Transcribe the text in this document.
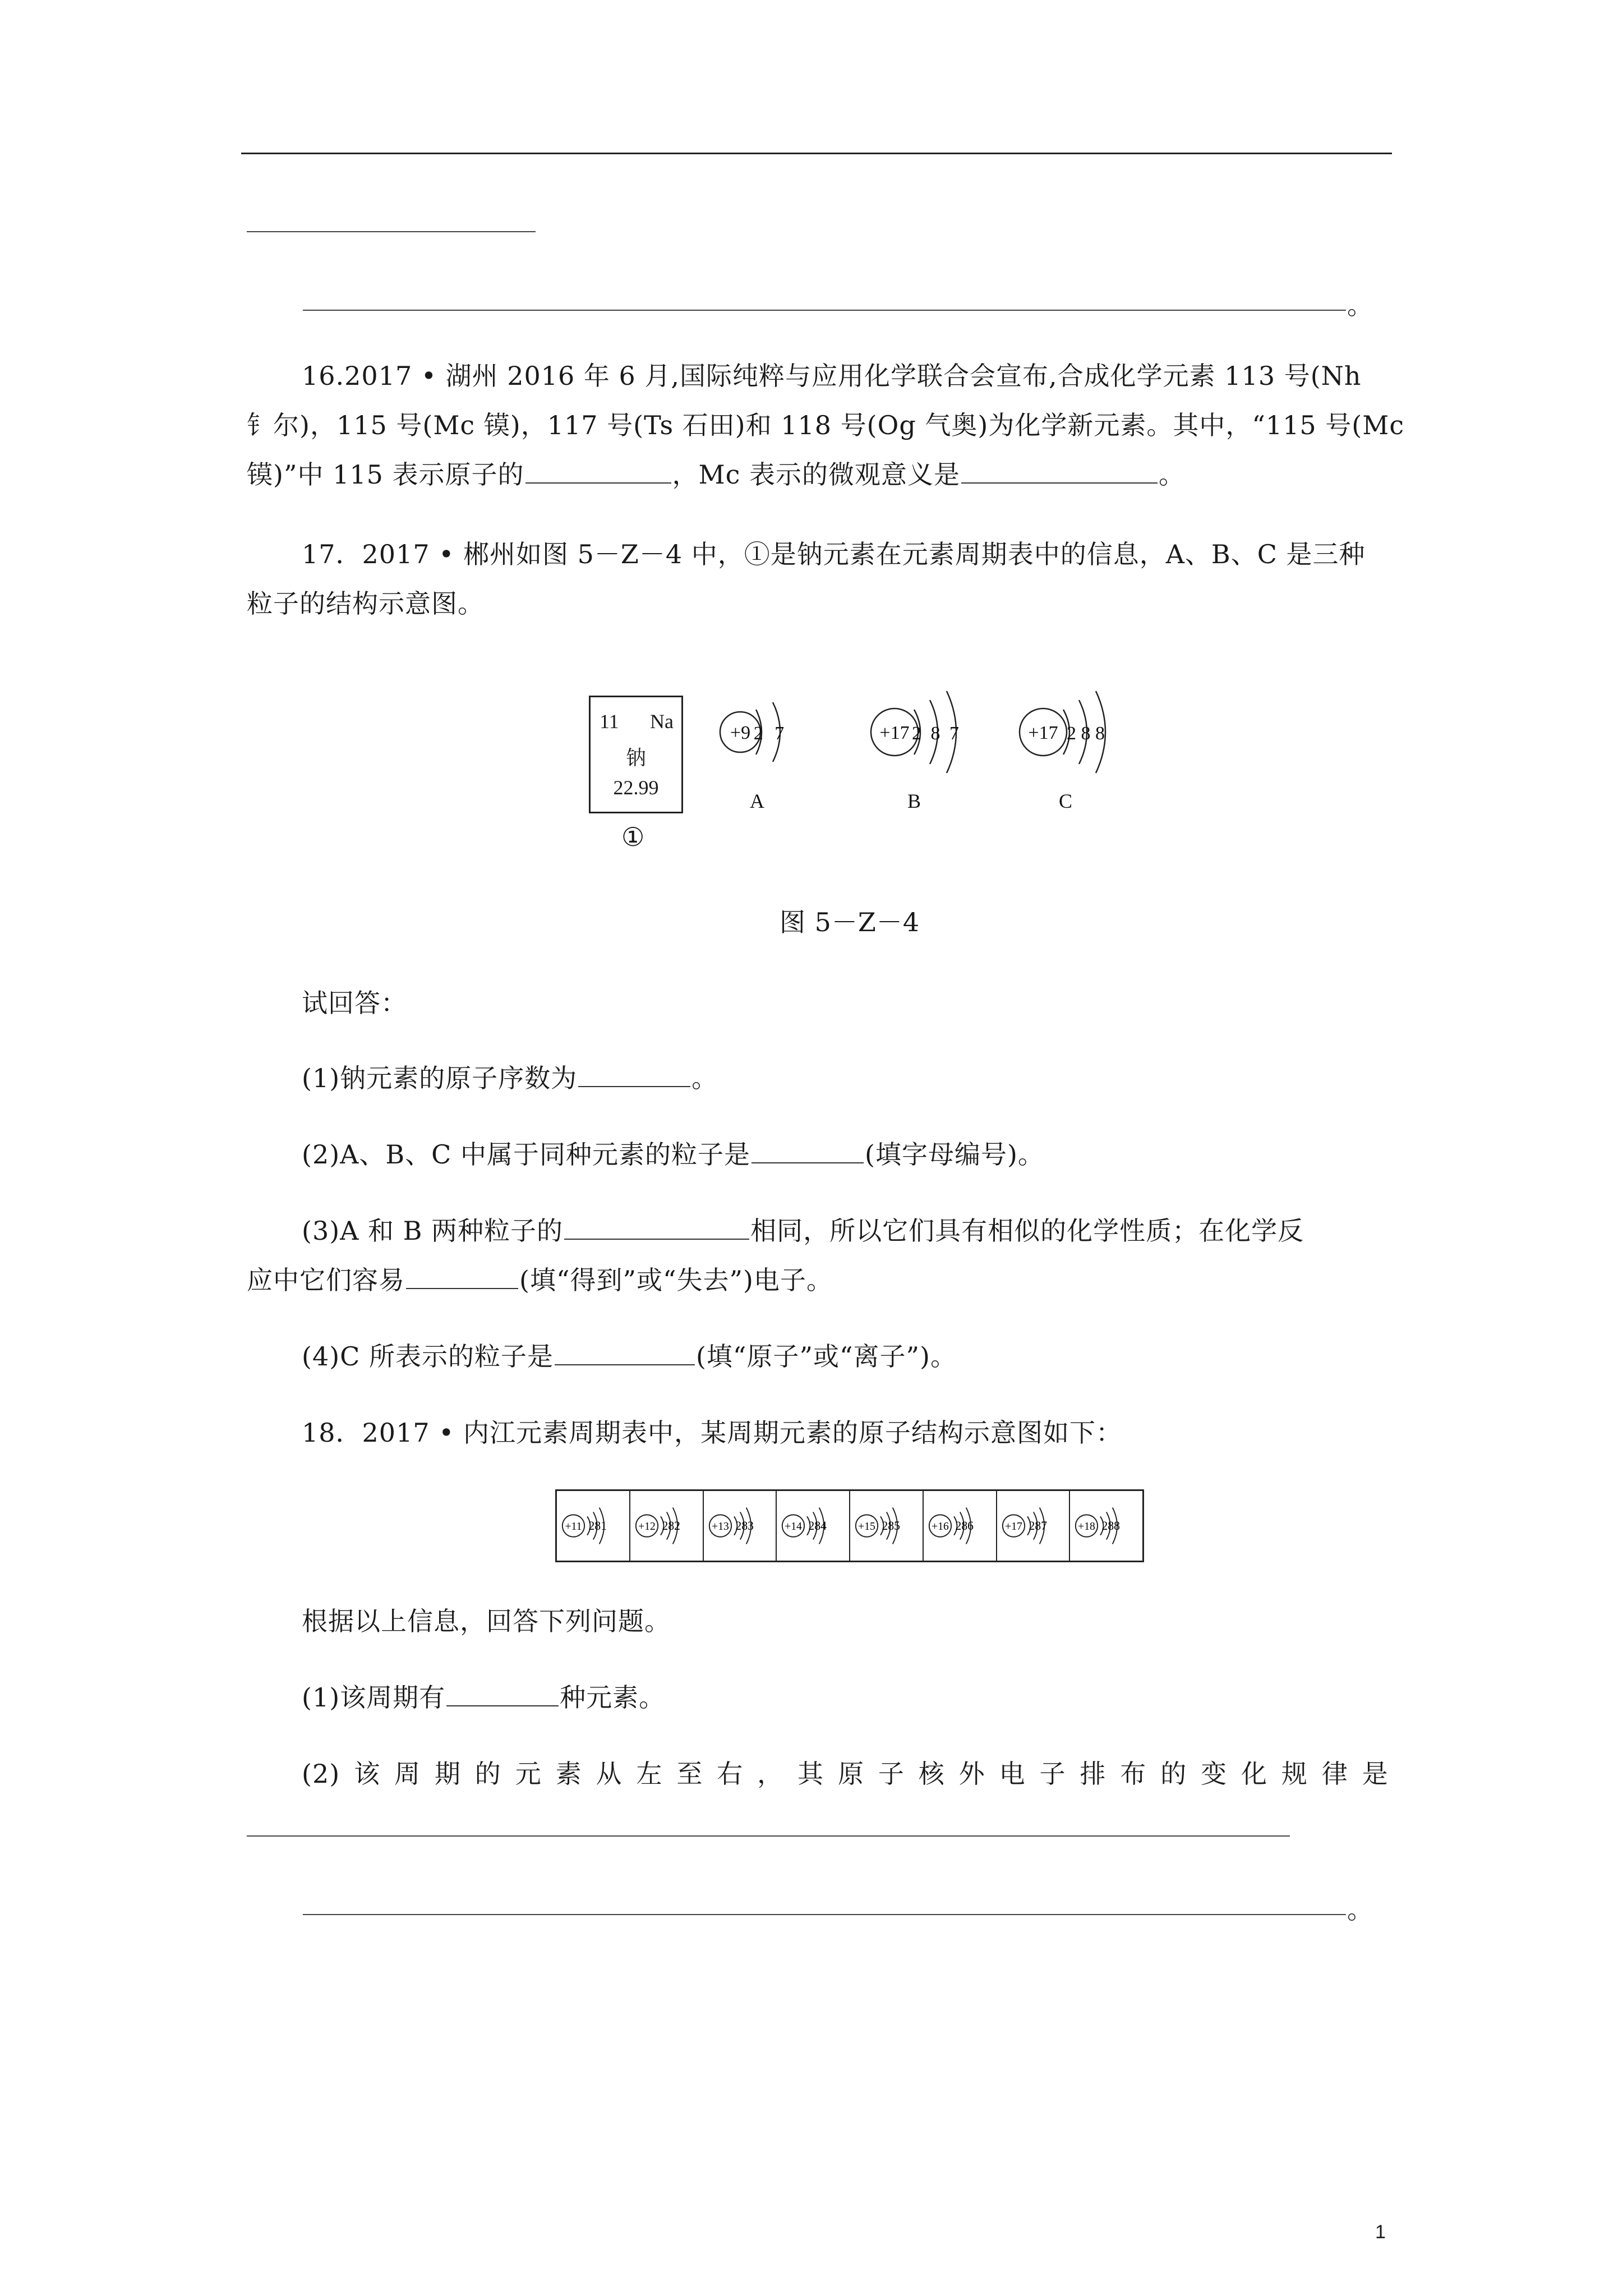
。
16.2017 • 湖州 2016 年 6 月,国际纯粹与应用化学联合会宣布,合成化学元素 113 号(Nh
钅尔)，115 号(Mc 镆)，117 号(Ts 石田)和 118 号(Og 气奥)为化学新元素。其中，“115 号(Mc
镆)”中 115 表示原子的	，Mc 表示的微观意义是	。
17．2017 • 郴州如图 5－Z－4 中，①是钠元素在元素周期表中的信息，A、B、C 是三种
粒子的结构示意图。
11 Na
钠
22.99
①
+9 2 7	+17 2 8 7	+17 2 8 8
A	B	C
图 5－Z－4
试回答：
(1)钠元素的原子序数为	。
(2)A、B、C 中属于同种元素的粒子是	(填字母编号)。
(3)A 和 B 两种粒子的	相同，所以它们具有相似的化学性质；在化学反
应中它们容易	(填“得到”或“失去”)电子。
(4)C 所表示的粒子是	(填“原子”或“离子”)。
18．2017 • 内江元素周期表中，某周期元素的原子结构示意图如下：
+11 281	+12 282	+13 283	+14 284	+15 285	+16 286	+17 287	+18 288
根据以上信息，回答下列问题。
(1)该周期有	种元素。
(2) 该 周 期 的 元 素 从 左 至 右 ， 其 原 子 核 外 电 子 排 布 的 变 化 规 律 是
。
1
